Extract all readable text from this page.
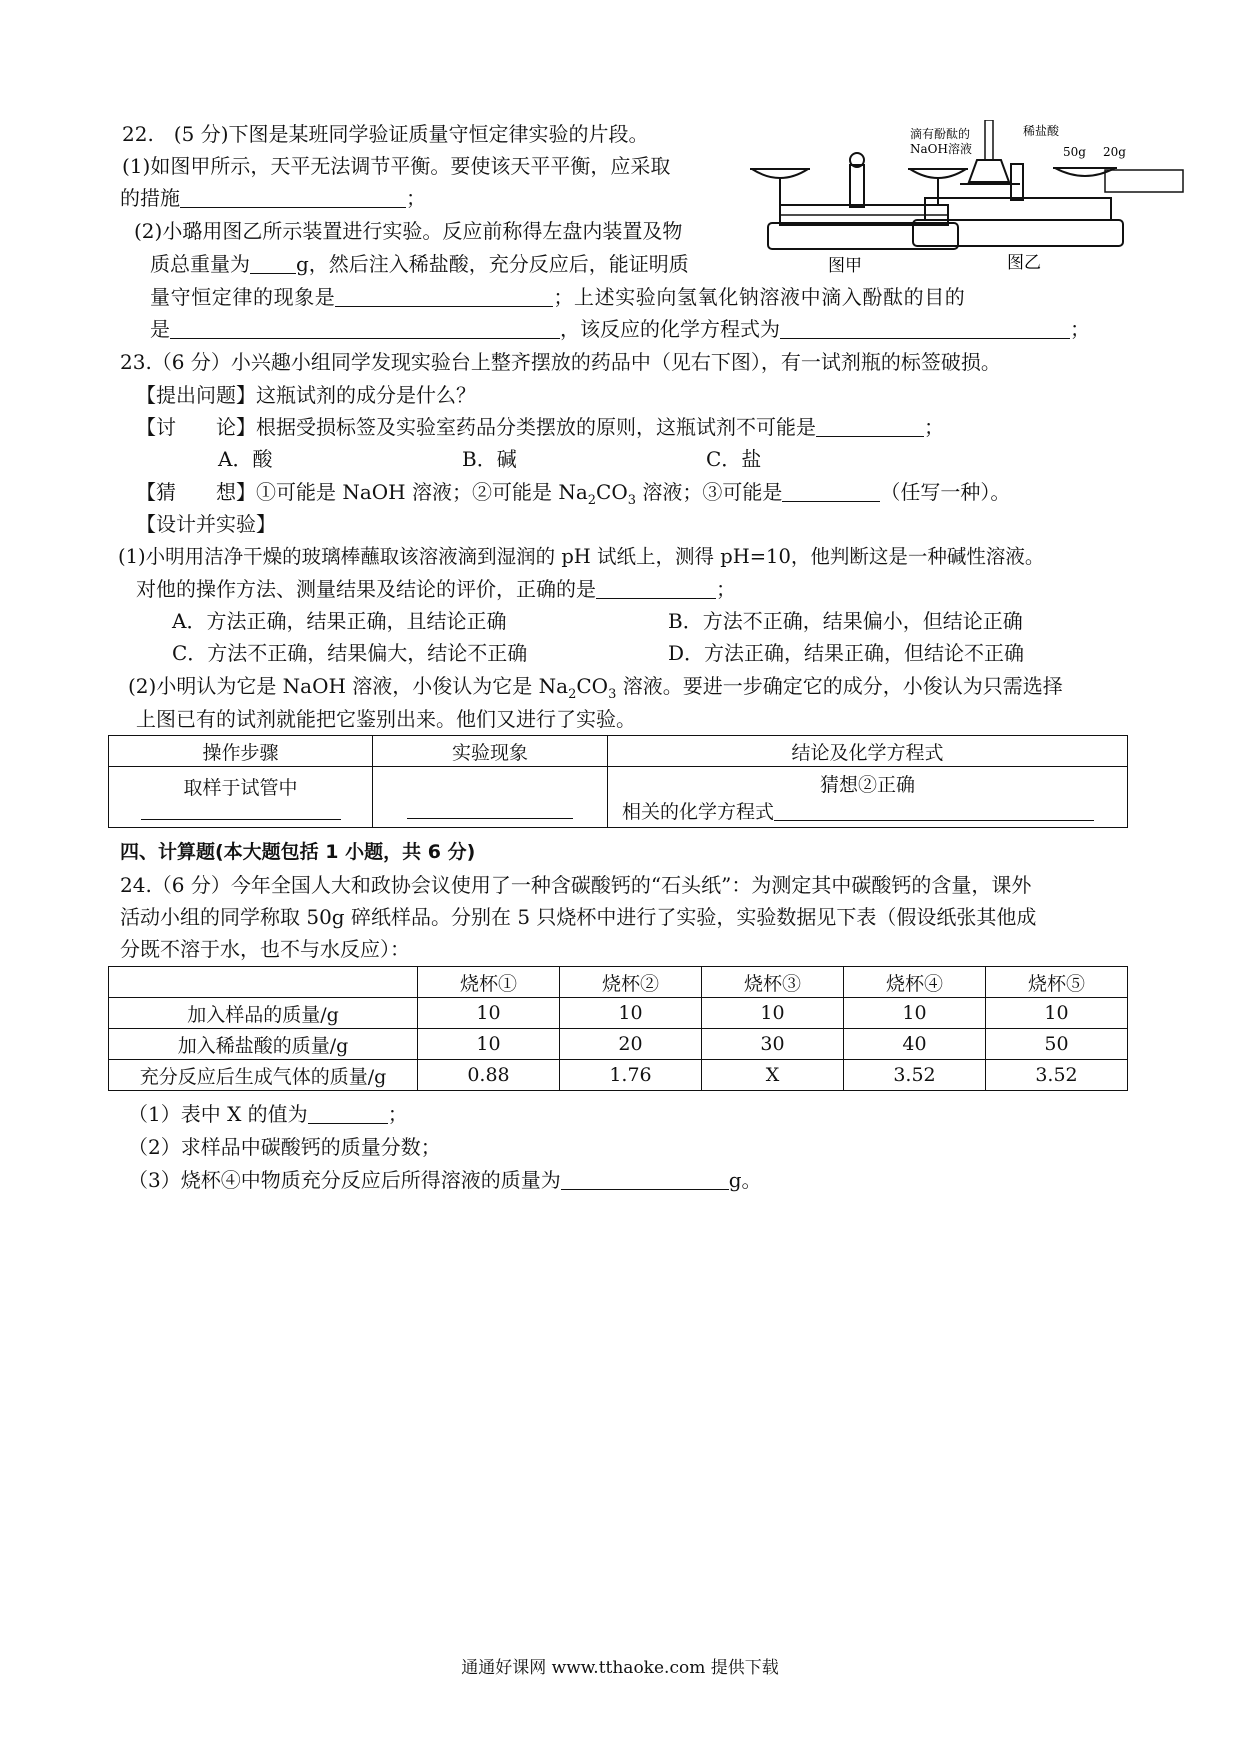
22.　(5 分)下图是某班同学验证质量守恒定律实验的片段。
(1)如图甲所示，天平无法调节平衡。要使该天平平衡，应采取
的措施	；
(2)小璐用图乙所示装置进行实验。反应前称得左盘内装置及物
质总重量为 g，然后注入稀盐酸，充分反应后，能证明质
量守恒定律的现象是	；上述实验向氢氧化钠溶液中滴入酚酞的目的
是	，该反应的化学方程式为	；
图甲
滴有酚酞的
NaOH溶液
稀盐酸
50g 20g
图乙
23.（6 分）小兴趣小组同学发现实验台上整齐摆放的药品中（见右下图），有一试剂瓶的标签破损。
【提出问题】这瓶试剂的成分是什么？
【讨　　论】根据受损标签及实验室药品分类摆放的原则，这瓶试剂不可能是	；
A．酸	B．碱	C．盐
【猜　　想】①可能是 NaOH 溶液；②可能是 $Na_2CO_3$ 溶液；③可能是	（任写一种）。
【设计并实验】
(1)小明用洁净干燥的玻璃棒蘸取该溶液滴到湿润的 pH 试纸上，测得 pH=10，他判断这是一种碱性溶液。
对他的操作方法、测量结果及结论的评价，正确的是	；
A．方法正确，结果正确，且结论正确	B．方法不正确，结果偏小，但结论正确
C．方法不正确，结果偏大，结论不正确	D．方法正确，结果正确，但结论不正确
(2)小明认为它是 NaOH 溶液，小俊认为它是 $Na_2CO_3$ 溶液。要进一步确定它的成分，小俊认为只需选择
上图已有的试剂就能把它鉴别出来。他们又进行了实验。
操作步骤	实验现象	结论及化学方程式

取样于试管中		猜想②正确
相关的化学方程式
四、计算题(本大题包括 1 小题，共 6 分)
24.（6 分）今年全国人大和政协会议使用了一种含碳酸钙的“石头纸”：为测定其中碳酸钙的含量，课外
活动小组的同学称取 50g 碎纸样品。分别在 5 只烧杯中进行了实验，实验数据见下表（假设纸张其他成
分既不溶于水，也不与水反应）：
	烧杯①	烧杯②	烧杯③	烧杯④	烧杯⑤
加入样品的质量/g	10	10	10	10	10
加入稀盐酸的质量/g	10	20	30	40	50
充分反应后生成气体的质量/g	0.88	1.76	X	3.52	3.52
（1）表中 X 的值为	；
（2）求样品中碳酸钙的质量分数；
（3）烧杯④中物质充分反应后所得溶液的质量为	g。
通通好课网 www.tthaoke.com 提供下载
